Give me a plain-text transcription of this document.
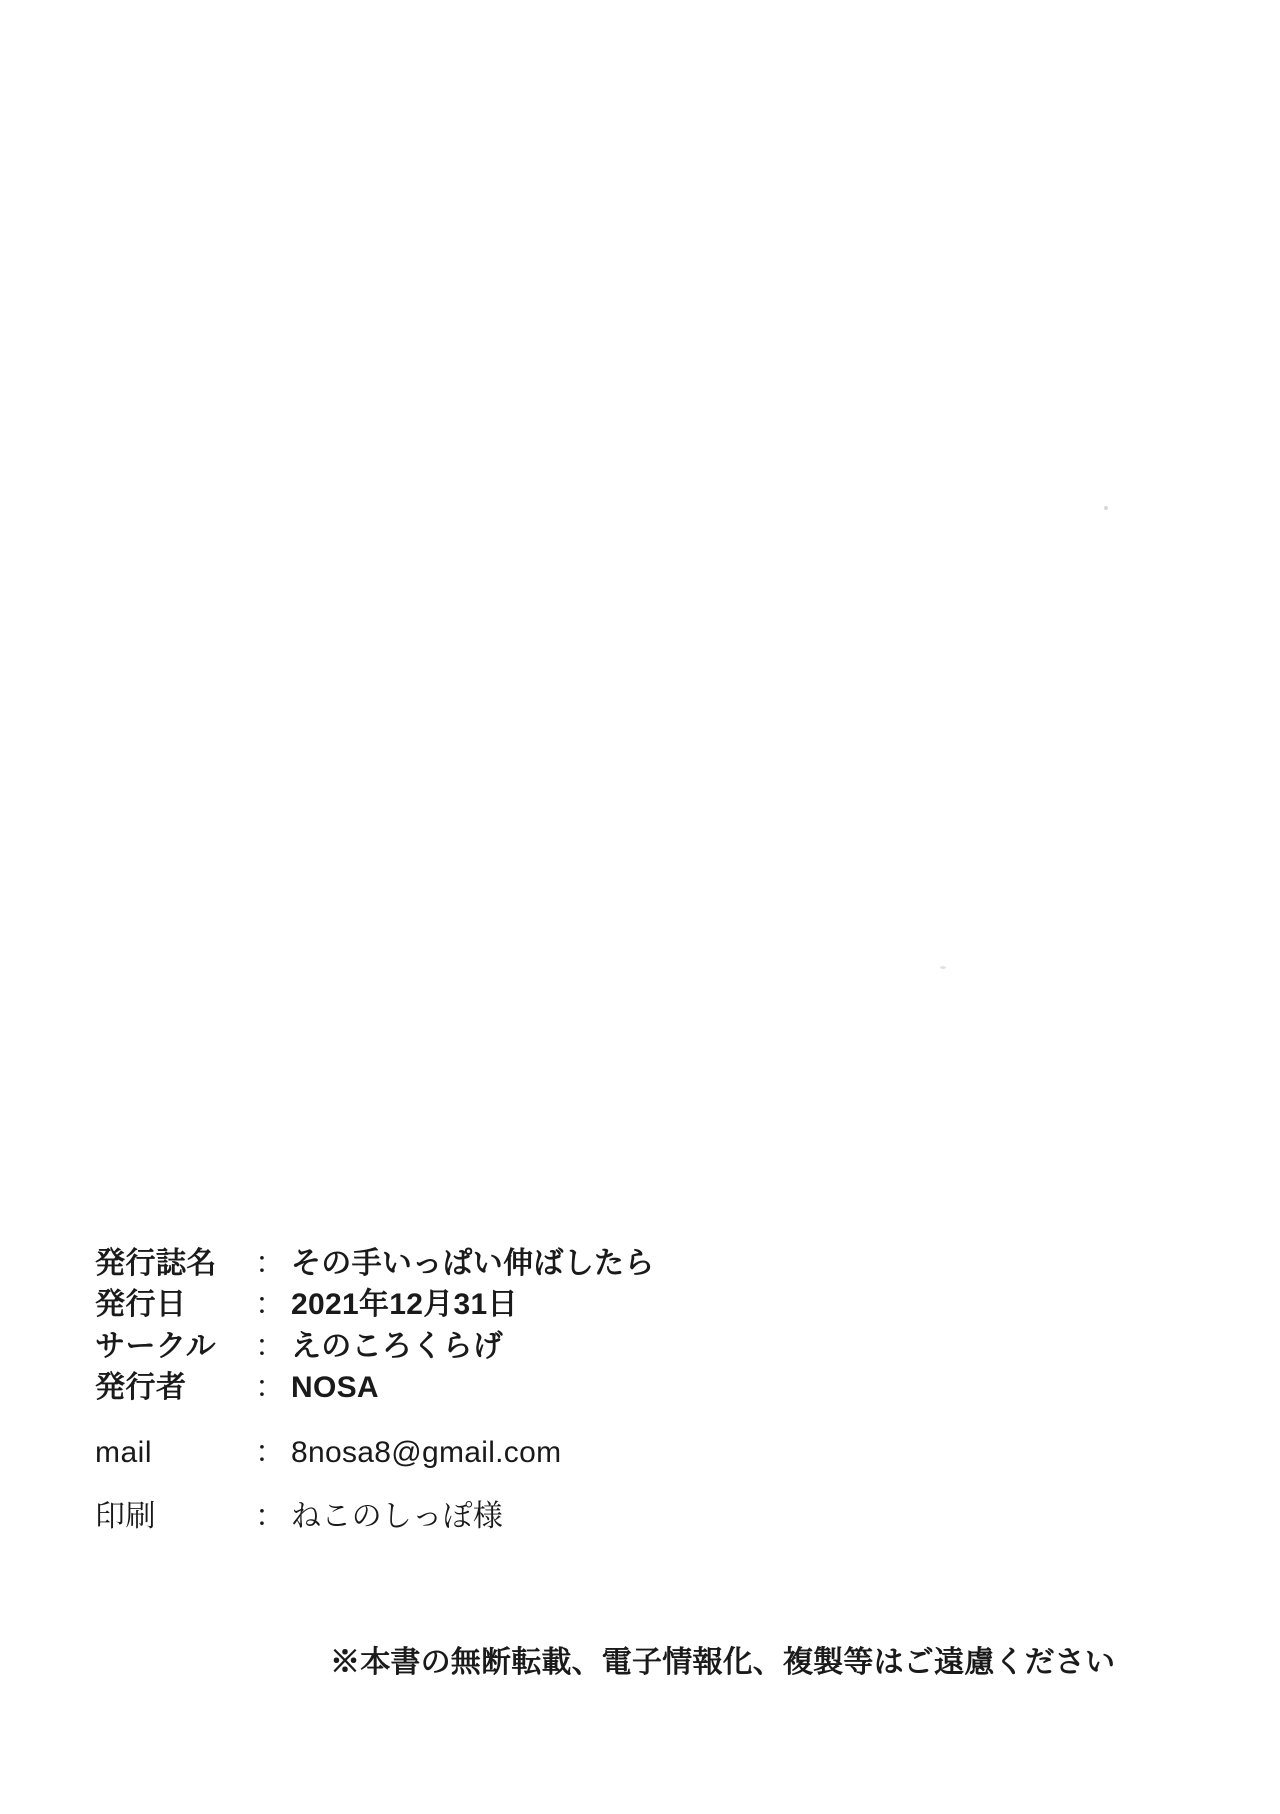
発行誌名	： その手いっぱい伸ばしたら
発行日	： 2021年12月31日
サークル	： えのころくらげ
発行者	： NOSA
mail	： 8nosa8@gmail.com
印刷	： ねこのしっぽ様
※本書の無断転載、電子情報化、複製等はご遠慮ください
